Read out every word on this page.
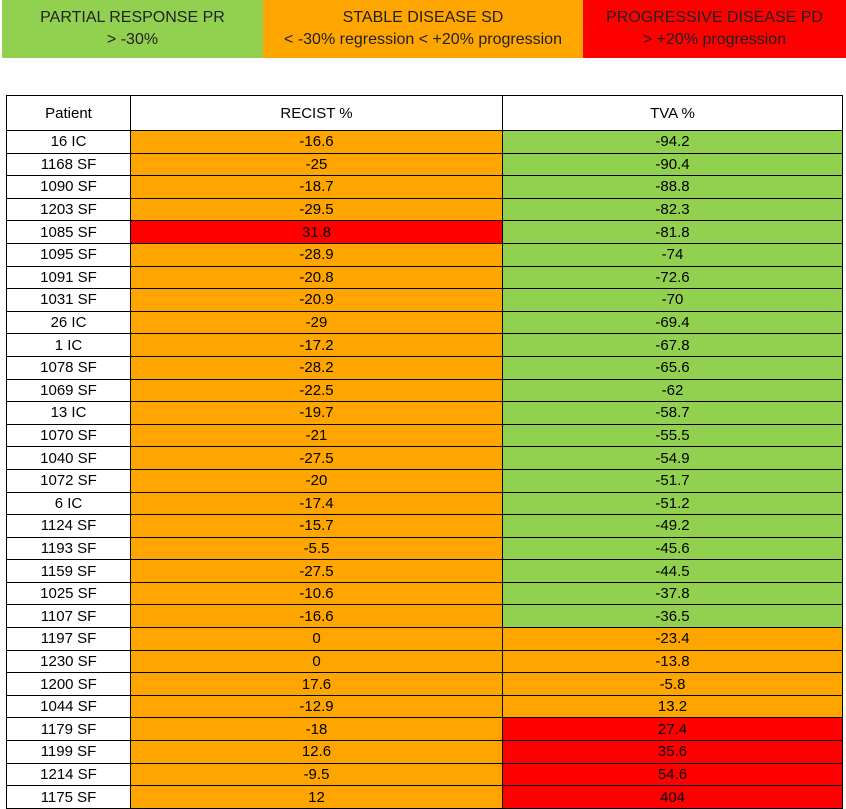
PARTIAL RESPONSE PR
> -30%
STABLE DISEASE SD
< -30% regression < +20% progression
PROGRESSIVE DISEASE PD
> +20% progression
Patient	RECIST %	TVA %
16 IC	-16.6	-94.2
1168 SF	-25	-90.4
1090 SF	-18.7	-88.8
1203 SF	-29.5	-82.3
1085 SF	31.8	-81.8
1095 SF	-28.9	-74
1091 SF	-20.8	-72.6
1031 SF	-20.9	-70
26 IC	-29	-69.4
1 IC	-17.2	-67.8
1078 SF	-28.2	-65.6
1069 SF	-22.5	-62
13 IC	-19.7	-58.7
1070 SF	-21	-55.5
1040 SF	-27.5	-54.9
1072 SF	-20	-51.7
6 IC	-17.4	-51.2
1124 SF	-15.7	-49.2
1193 SF	-5.5	-45.6
1159 SF	-27.5	-44.5
1025 SF	-10.6	-37.8
1107 SF	-16.6	-36.5
1197 SF	0	-23.4
1230 SF	0	-13.8
1200 SF	17.6	-5.8
1044 SF	-12.9	13.2
1179 SF	-18	27.4
1199 SF	12.6	35.6
1214 SF	-9.5	54.6
1175 SF	12	404
